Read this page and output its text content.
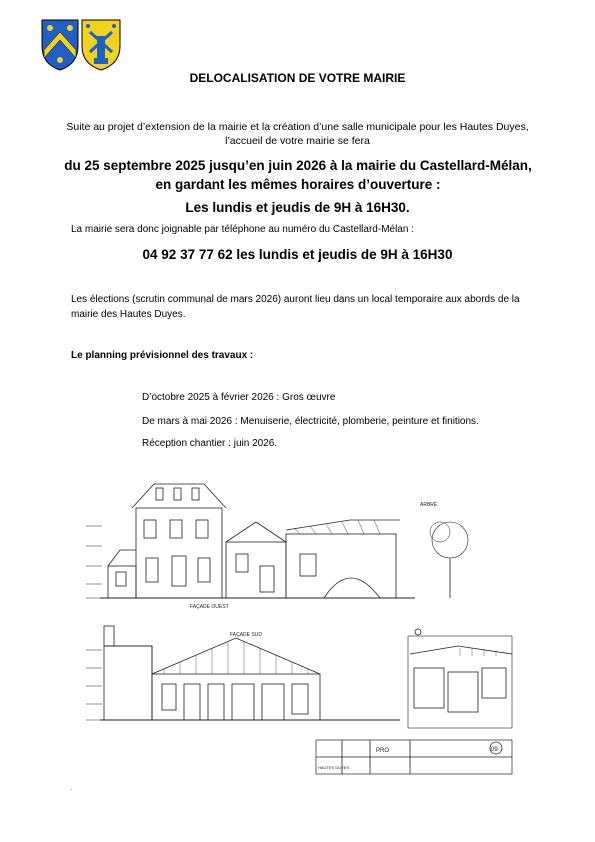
DELOCALISATION DE VOTRE MAIRIE
Suite au projet d’extension de la mairie et la création d’une salle municipale pour les Hautes Duyes, l’accueil de votre mairie se fera
du 25 septembre 2025 jusqu’en juin 2026 à la mairie du Castellard-Mélan, en gardant les mêmes horaires d’ouverture :
Les lundis et jeudis de 9H à 16H30.
La mairie sera donc joignable par téléphone au numéro du Castellard-Mélan :
04 92 37 77 62 les lundis et jeudis de 9H à 16H30
Les élections (scrutin communal de mars 2026) auront lieu dans un local temporaire aux abords de la mairie des Hautes Duyes.
Le planning prévisionnel des travaux :
D’octobre 2025 à février 2026 : Gros œuvre
De mars à mai 2026 : Menuiserie, électricité, plomberie, peinture et finitions.
Réception chantier : juin 2026.
ARBRE
FAÇADE OUEST
FAÇADE SUD
PRO
HAUTES DUYES
09
.
